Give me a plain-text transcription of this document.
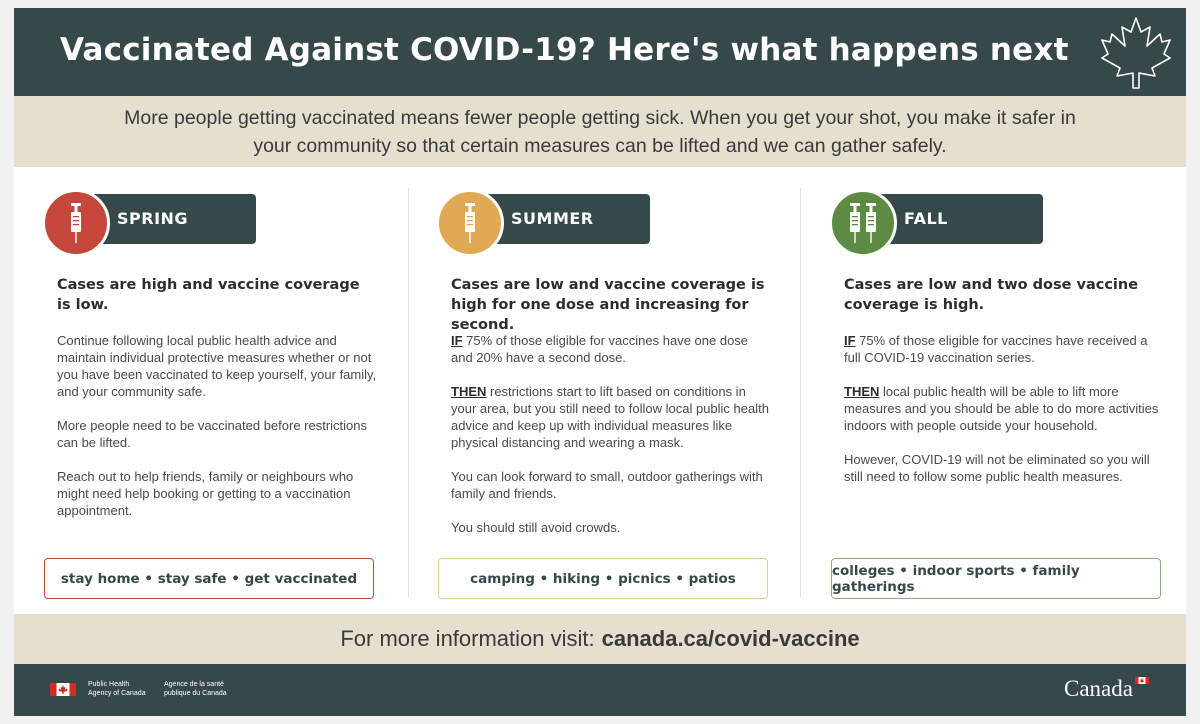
Vaccinated Against COVID-19? Here's what happens next

More people getting vaccinated means fewer people getting sick. When you get your shot, you make it safer in your community so that certain measures can be lifted and we can gather safely.

SPRING

Cases are high and vaccine coverage is low.

Continue following local public health advice and maintain individual protective measures whether or not you have been vaccinated to keep yourself, your family, and your community safe.

More people need to be vaccinated before restrictions can be lifted.

Reach out to help friends, family or neighbours who might need help booking or getting to a vaccination appointment.

stay home • stay safe • get vaccinated
SUMMER

Cases are low and vaccine coverage is high for one dose and increasing for second.

IF 75% of those eligible for vaccines have one dose and 20% have a second dose.

THEN restrictions start to lift based on conditions in your area, but you still need to follow local public health advice and keep up with individual measures like physical distancing and wearing a mask.

You can look forward to small, outdoor gatherings with family and friends.

You should still avoid crowds.

camping • hiking • picnics • patios
FALL

Cases are low and two dose vaccine coverage is high.

IF 75% of those eligible for vaccines have received a full COVID-19 vaccination series.

THEN local public health will be able to lift more measures and you should be able to do more activities indoors with people outside your household.

However, COVID-19 will not be eliminated so you will still need to follow some public health measures.

colleges • indoor sports • family gatherings
For more information visit: canada.ca/covid-vaccine
Public Health
Agency of Canada
Agence de la santé
publique du Canada	Canada
